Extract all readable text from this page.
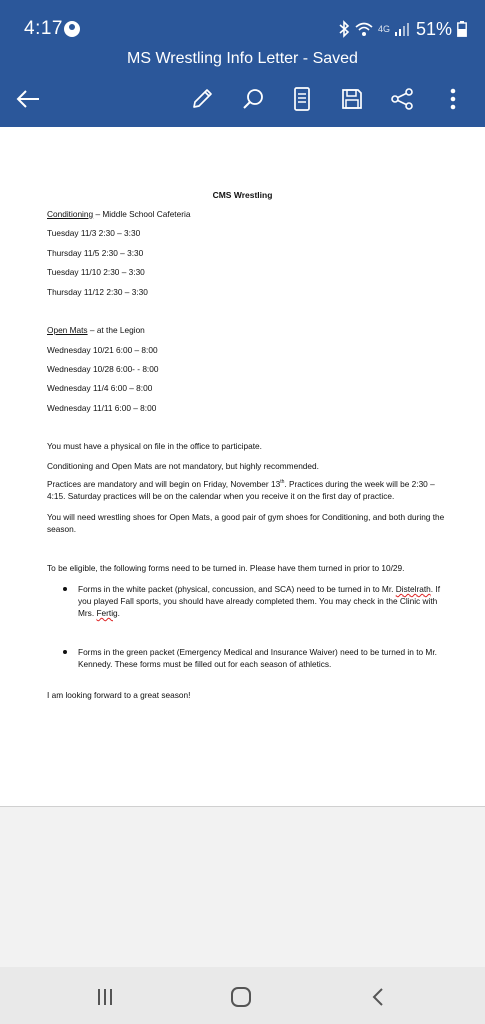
4:17	4G 51%
MS Wrestling Info Letter - Saved
CMS Wrestling
Conditioning – Middle School Cafeteria
Tuesday 11/3 2:30 – 3:30
Thursday 11/5 2:30 – 3:30
Tuesday 11/10 2:30 – 3:30
Thursday 11/12 2:30 – 3:30
Open Mats – at the Legion
Wednesday 10/21 6:00 – 8:00
Wednesday 10/28 6:00- - 8:00
Wednesday 11/4 6:00 – 8:00
Wednesday 11/11 6:00 – 8:00
You must have a physical on file in the office to participate.
Conditioning and Open Mats are not mandatory, but highly recommended.
Practices are mandatory and will begin on Friday, November 13th. Practices during the week will be 2:30 – 4:15. Saturday practices will be on the calendar when you receive it on the first day of practice.
You will need wrestling shoes for Open Mats, a good pair of gym shoes for Conditioning, and both during the season.
To be eligible, the following forms need to be turned in. Please have them turned in prior to 10/29.
Forms in the white packet (physical, concussion, and SCA) need to be turned in to Mr. Distelrath. If you played Fall sports, you should have already completed them. You may check in the Clinic with Mrs. Fertig.
Forms in the green packet (Emergency Medical and Insurance Waiver) need to be turned in to Mr. Kennedy. These forms must be filled out for each season of athletics.
I am looking forward to a great season!
